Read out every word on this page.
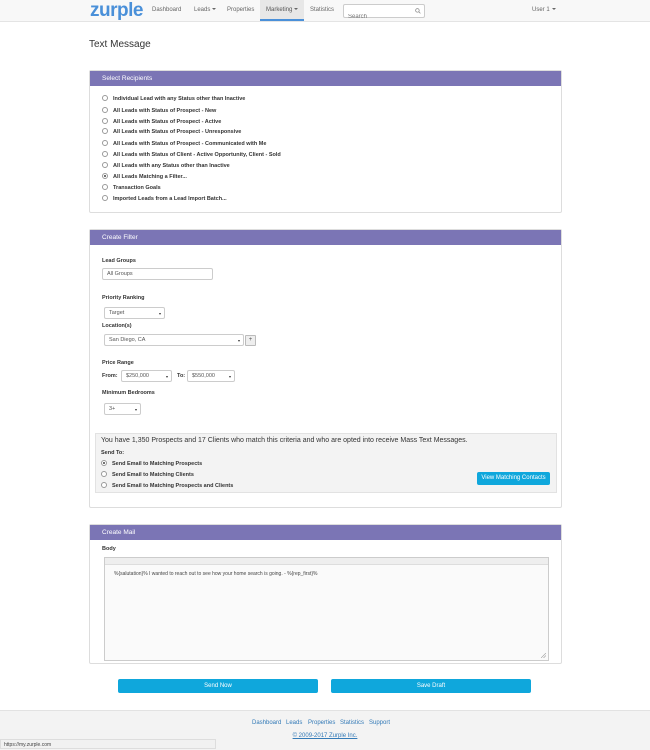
zurple	Dashboard	Leads	Properties	Marketing	Statistics
Search	User 1
Text Message
Select Recipients
Individual Lead with any Status other than Inactive
All Leads with Status of Prospect - New
All Leads with Status of Prospect - Active
All Leads with Status of Prospect - Unresponsive
All Leads with Status of Prospect - Communicated with Me
All Leads with Status of Client - Active Opportunity, Client - Sold
All Leads with any Status other than Inactive
All Leads Matching a Filter...
Transaction Goals
Imported Leads from a Lead Import Batch...
Create Filter
Lead Groups
All Groups
Priority Ranking
Target
Location(s)
San Diego, CA	+
Price Range
From:	$250,000	To:	$550,000
Minimum Bedrooms
3+
You have 1,350 Prospects and 17 Clients who match this criteria and who are opted into receive Mass Text Messages.
Send To:
Send Email to Matching Prospects
Send Email to Matching Clients
Send Email to Matching Prospects and Clients
View Matching Contacts
Create Mail
Body
%{salutation}% I wanted to reach out to see how your home search is going. - %{rep_first}%
Send Now	Save Draft
Dashboard Leads Properties Statistics Support
© 2009-2017 Zurple Inc.
https://my.zurple.com
